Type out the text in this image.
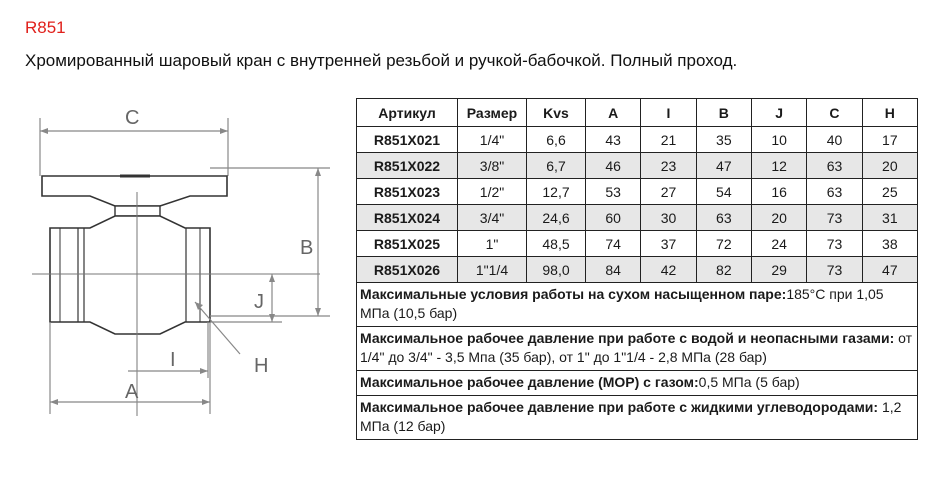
R851
Хромированный шаровый кран с внутренней резьбой и ручкой-бабочкой. Полный проход.
C
B
J
I	H
A
Артикул	Размер	Kvs	A	I	B	J	C	H
R851X021	1/4"	6,6	43	21	35	10	40	17
R851X022	3/8"	6,7	46	23	47	12	63	20
R851X023	1/2"	12,7	53	27	54	16	63	25
R851X024	3/4"	24,6	60	30	63	20	73	31
R851X025	1"	48,5	74	37	72	24	73	38
R851X026	1"1/4	98,0	84	42	82	29	73	47
Максимальные условия работы на сухом насыщенном паре:185°C при 1,05 МПа (10,5 бар)
Максимальное рабочее давление при работе с водой и неопасными газами: от 1/4" до 3/4" - 3,5 Мпа (35 бар), от 1" до 1"1/4 - 2,8 МПа (28 бар)
Максимальное рабочее давление (МОР) с газом:0,5 МПа (5 бар)
Максимальное рабочее давление при работе с жидкими углеводородами: 1,2 МПа (12 бар)
